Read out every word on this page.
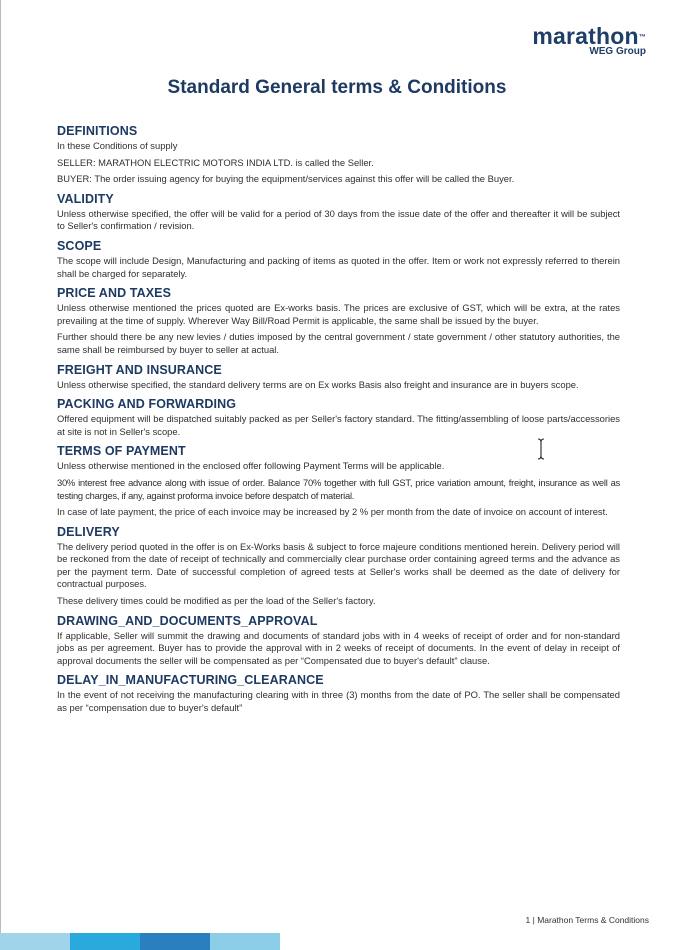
marathon™
WEG Group
Standard General terms & Conditions
DEFINITIONS

In these Conditions of supply

SELLER: MARATHON ELECTRIC MOTORS INDIA LTD. is called the Seller.

BUYER: The order issuing agency for buying the equipment/services against this offer will be called the Buyer.

VALIDITY

Unless otherwise specified, the offer will be valid for a period of 30 days from the issue date of the offer and thereafter it will be subject to Seller's confirmation / revision.

SCOPE

The scope will include Design, Manufacturing and packing of items as quoted in the offer. Item or work not expressly referred to therein shall be charged for separately.

PRICE AND TAXES

Unless otherwise mentioned the prices quoted are Ex-works basis. The prices are exclusive of GST, which will be extra, at the rates prevailing at the time of supply. Wherever Way Bill/Road Permit is applicable, the same shall be issued by the buyer.

Further should there be any new levies / duties imposed by the central government / state government / other statutory authorities, the same shall be reimbursed by buyer to seller at actual.

FREIGHT AND INSURANCE

Unless otherwise specified, the standard delivery terms are on Ex works Basis also freight and insurance are in buyers scope.

PACKING AND FORWARDING

Offered equipment will be dispatched suitably packed as per Seller's factory standard. The fitting/assembling of loose parts/accessories at site is not in Seller's scope.

TERMS OF PAYMENT

Unless otherwise mentioned in the enclosed offer following Payment Terms will be applicable.

30% interest free advance along with issue of order. Balance 70% together with full GST, price variation amount, freight, insurance as well as testing charges, if any, against proforma invoice before despatch of material.

In case of late payment, the price of each invoice may be increased by 2 % per month from the date of invoice on account of interest.

DELIVERY

The delivery period quoted in the offer is on Ex-Works basis & subject to force majeure conditions mentioned herein. Delivery period will be reckoned from the date of receipt of technically and commercially clear purchase order containing agreed terms and the advance as per the payment term. Date of successful completion of agreed tests at Seller's works shall be deemed as the date of delivery for contractual purposes.

These delivery times could be modified as per the load of the Seller's factory.

DRAWING_AND_DOCUMENTS_APPROVAL

If applicable, Seller will summit the drawing and documents of standard jobs with in 4 weeks of receipt of order and for non-standard jobs as per agreement. Buyer has to provide the approval with in 2 weeks of receipt of documents. In the event of delay in receipt of approval documents the seller will be compensated as per “Compensated due to buyer's default” clause.

DELAY_IN_MANUFACTURING_CLEARANCE

In the event of not receiving the manufacturing clearing with in three (3) months from the date of PO. The seller shall be compensated as per “compensation due to buyer's default”

1 | Marathon Terms & Conditions
